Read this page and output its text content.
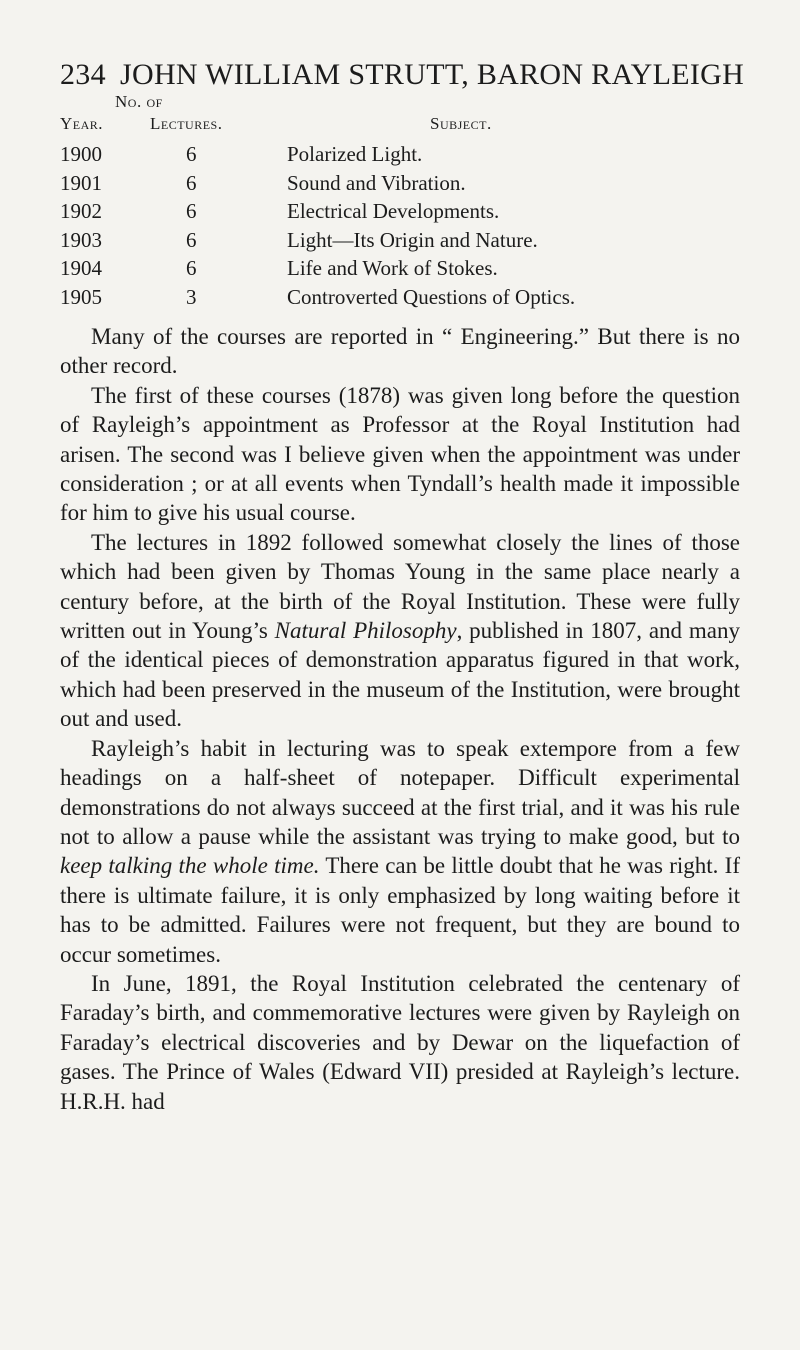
234 JOHN WILLIAM STRUTT, BARON RAYLEIGH
No. of
Year.	Lectures.	Subject.
1900	6	Polarized Light.
1901	6	Sound and Vibration.
1902	6	Electrical Developments.
1903	6	Light—Its Origin and Nature.
1904	6	Life and Work of Stokes.
1905	3	Controverted Questions of Optics.

Many of the courses are reported in “ Engineering.” But there is no other record.

The first of these courses (1878) was given long before the question of Rayleigh’s appointment as Professor at the Royal Institution had arisen. The second was I believe given when the appointment was under consideration ; or at all events when Tyndall’s health made it impossible for him to give his usual course.

The lectures in 1892 followed somewhat closely the lines of those which had been given by Thomas Young in the same place nearly a century before, at the birth of the Royal Institution. These were fully written out in Young’s Natural Philosophy, published in 1807, and many of the identical pieces of demonstration apparatus figured in that work, which had been preserved in the museum of the Institution, were brought out and used.

Rayleigh’s habit in lecturing was to speak extempore from a few headings on a half-sheet of notepaper. Difficult experimental demonstrations do not always succeed at the first trial, and it was his rule not to allow a pause while the assistant was trying to make good, but to keep talking the whole time. There can be little doubt that he was right. If there is ultimate failure, it is only emphasized by long waiting before it has to be admitted. Failures were not frequent, but they are bound to occur sometimes.

In June, 1891, the Royal Institution celebrated the centenary of Faraday’s birth, and commemorative lectures were given by Rayleigh on Faraday’s electrical discoveries and by Dewar on the liquefaction of gases. The Prince of Wales (Edward VII) presided at Rayleigh’s lecture. H.R.H. had
